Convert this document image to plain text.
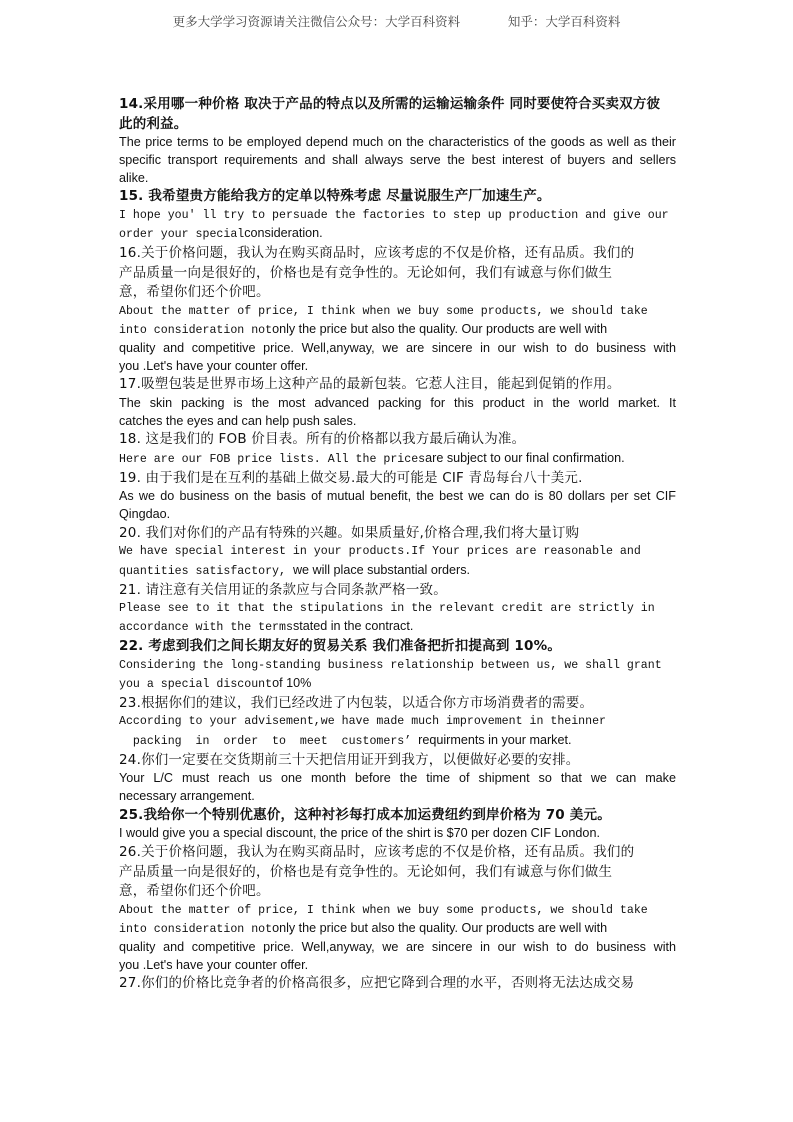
更多大学学习资源请关注微信公众号：大学百科资料	知乎：大学百科资料

14.采用哪一种价格 取决于产品的特点以及所需的运输运输条件 同时要使符合买卖双方彼

此的利益。

The price terms to be employed depend much on the characteristics of the goods as well as their

specific transport requirements and shall always serve the best interest of buyers and sellers

alike.

15. 我希望贵方能给我方的定单以特殊考虑 尽量说服生产厂加速生产。

I hope you' ll try to persuade the factories to step up production and give our

order your specialconsideration.

16.关于价格问题，我认为在购买商品时，应该考虑的不仅是价格，还有品质。我们的

产品质量一向是很好的，价格也是有竞争性的。无论如何，我们有诚意与你们做生

意，希望你们还个价吧。

About the matter of price, I think when we buy some products, we should take

into consideration notonly the price but also the quality. Our products are well with

quality and competitive price. Well,anyway, we are sincere in our wish to do business with

you .Let's have your counter offer.

17.吸塑包装是世界市场上这种产品的最新包装。它惹人注目，能起到促销的作用。

The skin packing is the most advanced packing for this product in the world market. It

catches the eyes and can help push sales.

18. 这是我们的 FOB 价目表。所有的价格都以我方最后确认为准。

Here are our FOB price lists. All the pricesare subject to our final confirmation.

19. 由于我们是在互利的基础上做交易.最大的可能是 CIF 青岛每台八十美元.

As we do business on the basis of mutual benefit, the best we can do is 80 dollars per set CIF

Qingdao.

20. 我们对你们的产品有特殊的兴趣。如果质量好,价格合理,我们将大量订购

We have special interest in your products.If Your prices are reasonable and

quantities satisfactory, we will place substantial orders.

21. 请注意有关信用证的条款应与合同条款严格一致。

Please see to it that the stipulations in the relevant credit are strictly in

accordance with the termsstated in the contract.

22. 考虑到我们之间长期友好的贸易关系 我们准备把折扣提高到 10%。

Considering the long-standing business relationship between us, we shall grant

you a special discountof 10%

23.根据你们的建议，我们已经改进了内包装，以适合你方市场消费者的需要。

According to your advisement,we have made much improvement in theinner

packing  in  order  to  meet  customers’ requirments in your market.

24.你们一定要在交货期前三十天把信用证开到我方，以便做好必要的安排。

Your L/C must reach us one month before the time of shipment so that we can make

necessary arrangement.

25.我给你一个特别优惠价，这种衬衫每打成本加运费纽约到岸价格为 70 美元。

I would give you a special discount, the price of the shirt is $70 per dozen CIF London.

26.关于价格问题，我认为在购买商品时，应该考虑的不仅是价格，还有品质。我们的

产品质量一向是很好的，价格也是有竞争性的。无论如何，我们有诚意与你们做生

意，希望你们还个价吧。

About the matter of price, I think when we buy some products, we should take

into consideration notonly the price but also the quality. Our products are well with

quality and competitive price. Well,anyway, we are sincere in our wish to do business with

you .Let's have your counter offer.

27.你们的价格比竞争者的价格高很多，应把它降到合理的水平，否则将无法达成交易
